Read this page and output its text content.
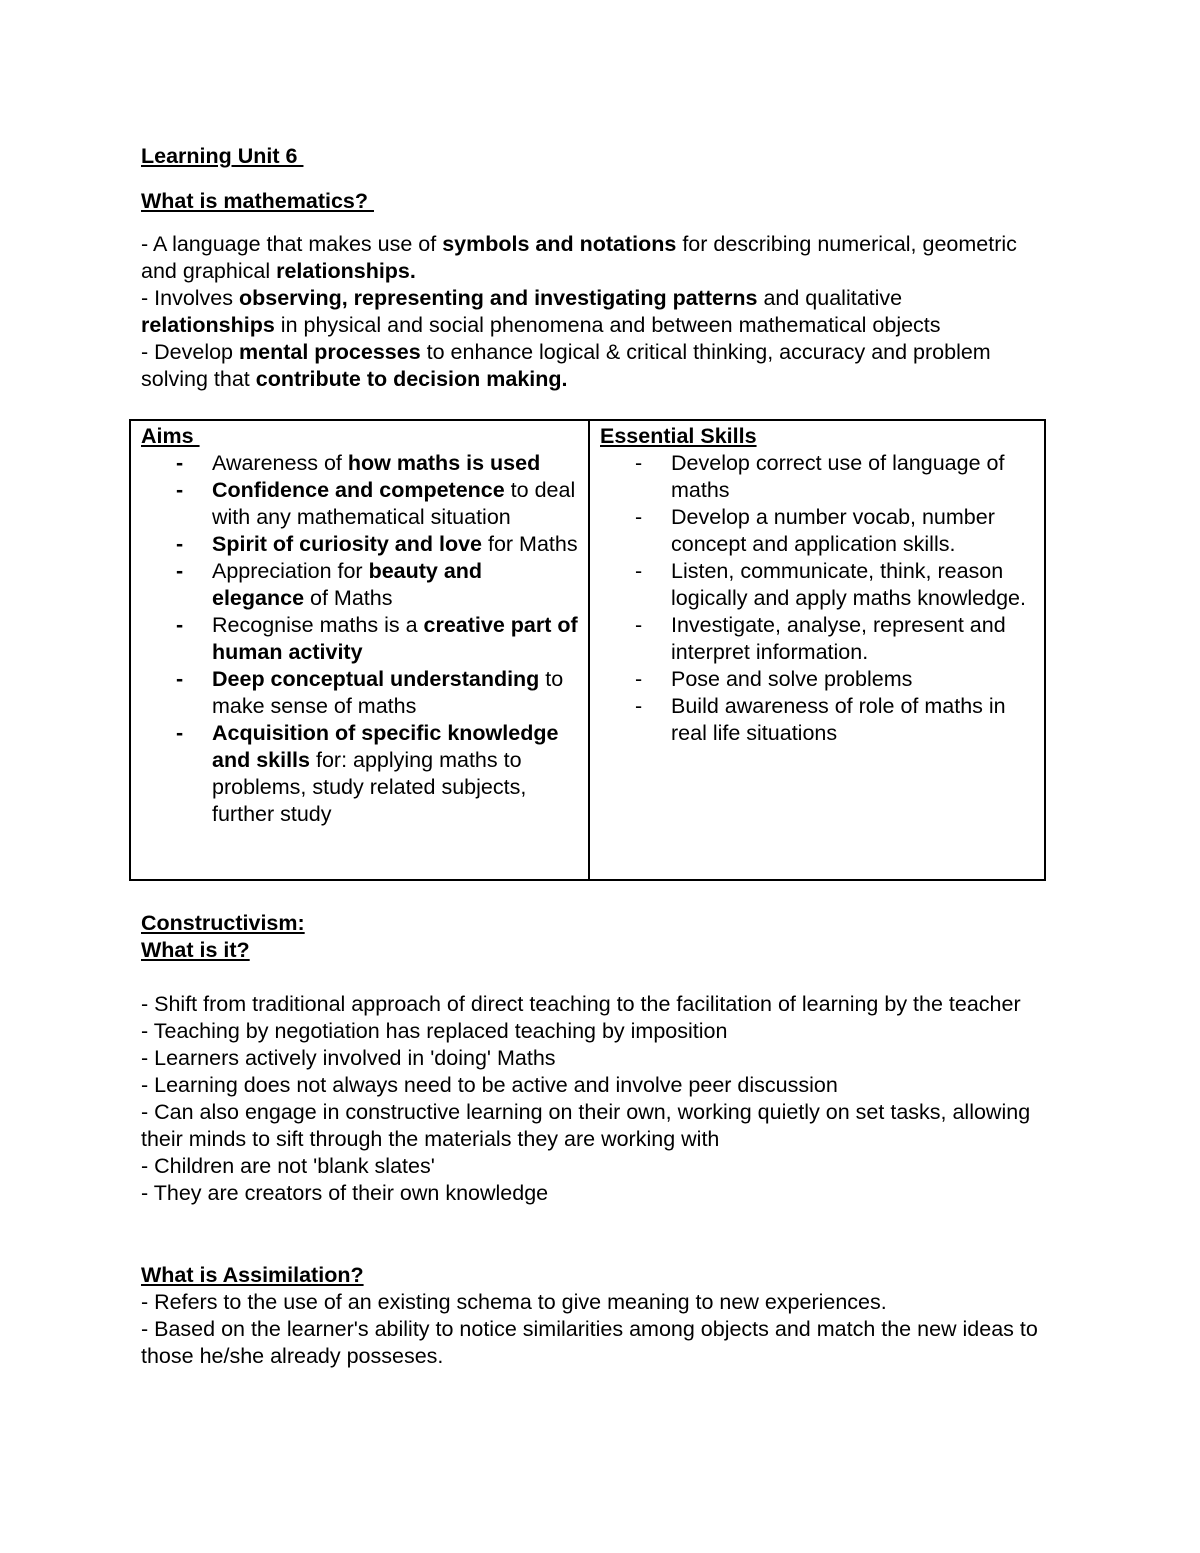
Learning Unit 6
What is mathematics?

- A language that makes use of symbols and notations for describing numerical, geometric and graphical relationships.

- Involves observing, representing and investigating patterns and qualitative relationships in physical and social phenomena and between mathematical objects

- Develop mental processes to enhance logical & critical thinking, accuracy and problem solving that contribute to decision making.

Aims

- Awareness of how maths is used
- Confidence and competence to deal with any mathematical situation
- Spirit of curiosity and love for Maths
- Appreciation for beauty and elegance of Maths
- Recognise maths is a creative part of human activity
- Deep conceptual understanding to make sense of maths
- Acquisition of specific knowledge and skills for: applying maths to problems, study related subjects, further study

Essential Skills

- Develop correct use of language of maths
- Develop a number vocab, number concept and application skills.
- Listen, communicate, think, reason logically and apply maths knowledge.
- Investigate, analyse, represent and interpret information.
- Pose and solve problems
- Build awareness of role of maths in real life situations

Constructivism:

What is it?

- Shift from traditional approach of direct teaching to the facilitation of learning by the teacher

- Teaching by negotiation has replaced teaching by imposition

- Learners actively involved in 'doing' Maths

- Learning does not always need to be active and involve peer discussion

- Can also engage in constructive learning on their own, working quietly on set tasks, allowing their minds to sift through the materials they are working with

- Children are not 'blank slates'

- They are creators of their own knowledge

What is Assimilation?

- Refers to the use of an existing schema to give meaning to new experiences.

- Based on the learner's ability to notice similarities among objects and match the new ideas to those he/she already posseses.
